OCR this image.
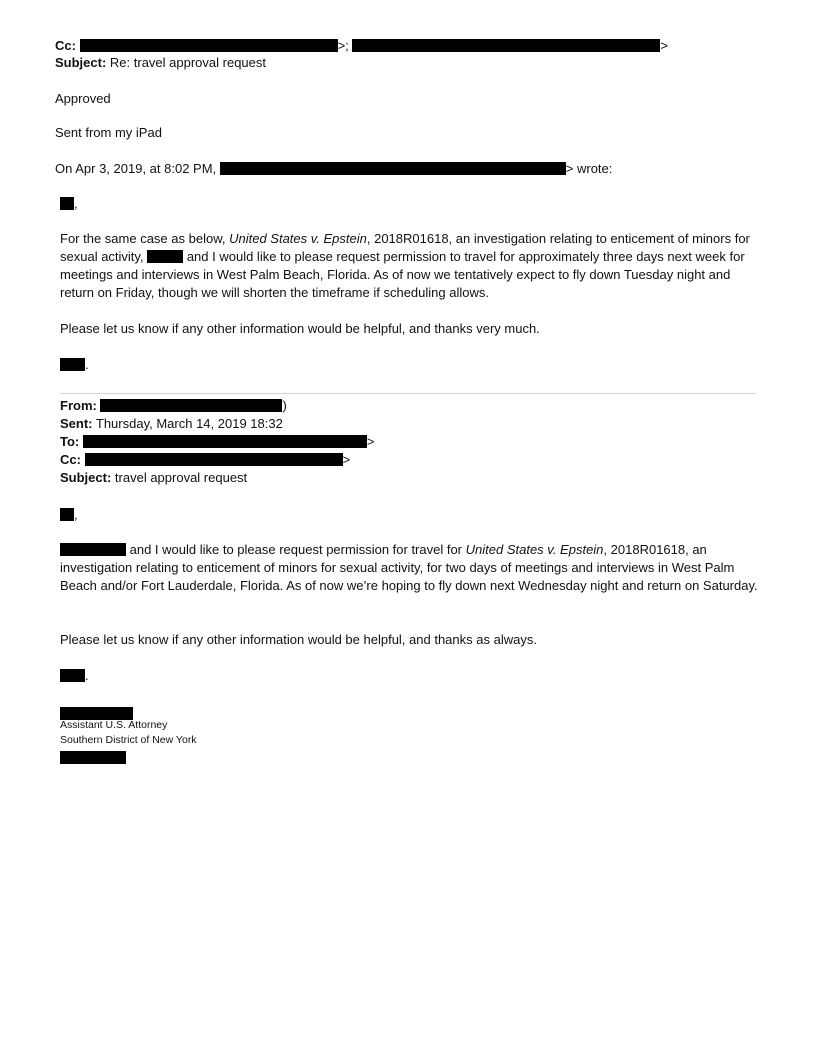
Cc:	>;	>
Subject: Re: travel approval request
Approved
Sent from my iPad
On Apr 3, 2019, at 8:02 PM,	> wrote:
,
For the same case as below, United States v. Epstein, 2018R01618, an investigation relating to enticement of minors for sexual activity,	and I would like to please request permission to travel for approximately three days next week for meetings and interviews in West Palm Beach, Florida. As of now we tentatively expect to fly down Tuesday night and return on Friday, though we will shorten the timeframe if scheduling allows.
Please let us know if any other information would be helpful, and thanks very much.
.
From:	)
Sent: Thursday, March 14, 2019 18:32
To:	>
Cc:	>
Subject: travel approval request
,
and I would like to please request permission for travel for United States v. Epstein, 2018R01618, an investigation relating to enticement of minors for sexual activity, for two days of meetings and interviews in West Palm Beach and/or Fort Lauderdale, Florida. As of now we’re hoping to fly down next Wednesday night and return on Saturday.
Please let us know if any other information would be helpful, and thanks as always.
.
Assistant U.S. Attorney
Southern District of New York
